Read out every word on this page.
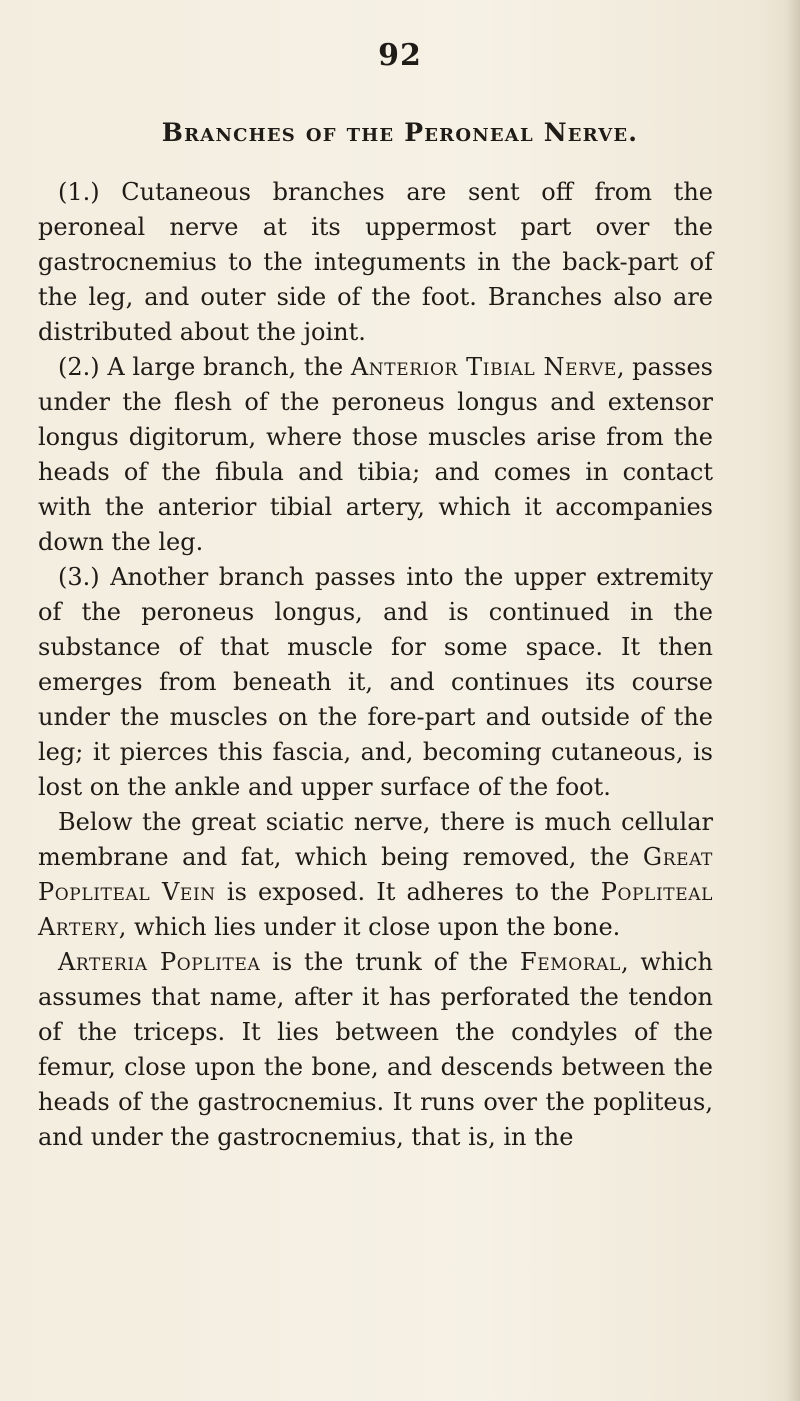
92
Branches of the Peroneal Nerve.

(1.) Cutaneous branches are sent off from the peroneal nerve at its uppermost part over the gastrocnemius to the integuments in the back-part of the leg, and outer side of the foot. Branches also are distributed about the joint.

(2.) A large branch, the Anterior Tibial Nerve, passes under the flesh of the peroneus longus and extensor longus digitorum, where those muscles arise from the heads of the fibula and tibia; and comes in contact with the anterior tibial artery, which it accompanies down the leg.

(3.) Another branch passes into the upper extremity of the peroneus longus, and is continued in the substance of that muscle for some space. It then emerges from beneath it, and continues its course under the muscles on the fore-part and outside of the leg; it pierces this fascia, and, becoming cutaneous, is lost on the ankle and upper surface of the foot.

Below the great sciatic nerve, there is much cellular membrane and fat, which being removed, the Great Popliteal Vein is exposed. It adheres to the Popliteal Artery, which lies under it close upon the bone.

Arteria Poplitea is the trunk of the Femoral, which assumes that name, after it has perforated the tendon of the triceps. It lies between the condyles of the femur, close upon the bone, and descends between the heads of the gastrocnemius. It runs over the popliteus, and under the gastrocnemius, that is, in the
